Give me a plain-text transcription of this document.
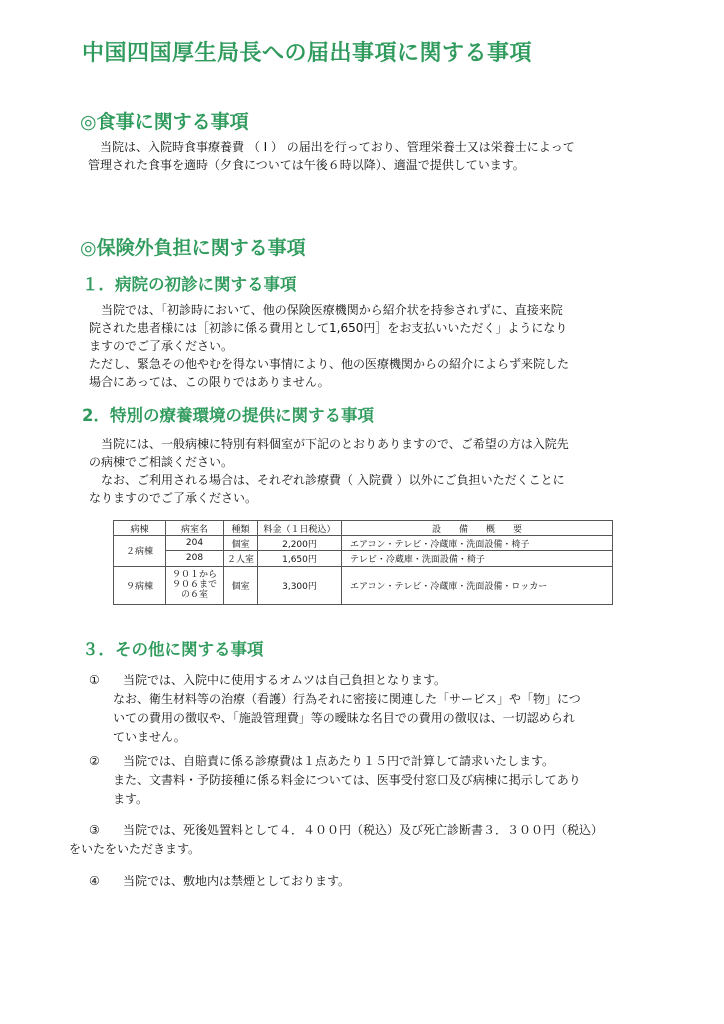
中国四国厚生局長への届出事項に関する事項
◎食事に関する事項

当院は、入院時食事療養費 （ Ⅰ ） の届出を行っており、管理栄養士又は栄養士によって

管理された食事を適時（夕食については午後６時以降）、適温で提供しています。

◎保険外負担に関する事項
１．病院の初診に関する事項

当院では、「初診時において、他の保険医療機関から紹介状を持参されずに、直接来院

院された患者様には［初診に係る費用として1,650円］をお支払いいただく」ようになり

ますのでご了承ください。

ただし、緊急その他やむを得ない事情により、他の医療機関からの紹介によらず来院した

場合にあっては、この限りではありません。

2．特別の療養環境の提供に関する事項

当院には、一般病棟に特別有料個室が下記のとおりありますので、ご希望の方は入院先

の病棟でご相談ください。

なお、ご利用される場合は、それぞれ診療費（ 入院費 ）以外にご負担いただくことに

なりますのでご了承ください。

病棟	病室名	種類	料金（１日税込）	設　　備　　概　　要
２病棟	204	個室	2,200円	エアコン・テレビ・冷蔵庫・洗面設備・椅子
	208	２人室	1,650円	テレビ・冷蔵庫・洗面設備・椅子
９病棟	９０１から
９０６まで
の６室	個室	3,300円	エアコン・テレビ・冷蔵庫・洗面設備・ロッカー
３．その他に関する事項

① 当院では、入院中に使用するオムツは自己負担となります。

なお、衛生材料等の治療（看護）行為それに密接に関連した「サービス」や「物」につ

いての費用の徴収や、「施設管理費」等の曖昧な名目での費用の徴収は、一切認められ

ていません。

② 当院では、自賠責に係る診療費は１点あたり１５円で計算して請求いたします。

また、文書料・予防接種に係る料金については、医事受付窓口及び病棟に掲示してあり

ます。

③ 当院では、死後処置料として４．４００円（税込）及び死亡診断書３．３００円（税込）

をいたをいただきます。

④ 当院では、敷地内は禁煙としております。
